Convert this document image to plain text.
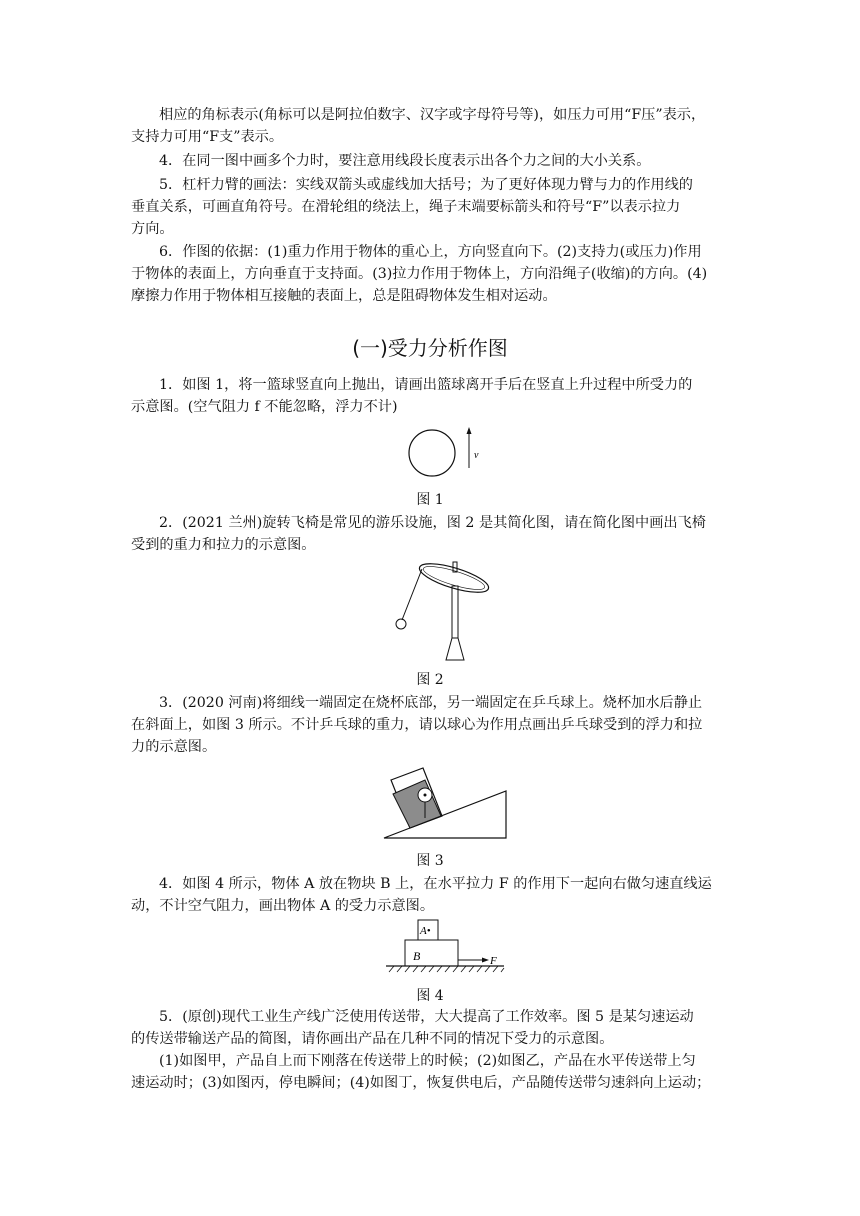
相应的角标表示(角标可以是阿拉伯数字、汉字或字母符号等)，如压力可用“F压”表示，
支持力可用“F支”表示。
4．在同一图中画多个力时，要注意用线段长度表示出各个力之间的大小关系。
5．杠杆力臂的画法：实线双箭头或虚线加大括号；为了更好体现力臂与力的作用线的
垂直关系，可画直角符号。在滑轮组的绕法上，绳子末端要标箭头和符号“F”以表示拉力
方向。
6．作图的依据：(1)重力作用于物体的重心上，方向竖直向下。(2)支持力(或压力)作用
于物体的表面上，方向垂直于支持面。(3)拉力作用于物体上，方向沿绳子(收缩)的方向。(4)
摩擦力作用于物体相互接触的表面上，总是阻碍物体发生相对运动。
(一)受力分析作图
1．如图 1，将一篮球竖直向上抛出，请画出篮球离开手后在竖直上升过程中所受力的
示意图。(空气阻力 f 不能忽略，浮力不计)
v
图 1
2．(2021 兰州)旋转飞椅是常见的游乐设施，图 2 是其简化图，请在简化图中画出飞椅
受到的重力和拉力的示意图。
图 2
3．(2020 河南)将细线一端固定在烧杯底部，另一端固定在乒乓球上。烧杯加水后静止
在斜面上，如图 3 所示。不计乒乓球的重力，请以球心为作用点画出乒乓球受到的浮力和拉
力的示意图。
图 3
4．如图 4 所示，物体 A 放在物块 B 上，在水平拉力 F 的作用下一起向右做匀速直线运
动，不计空气阻力，画出物体 A 的受力示意图。
A•
B	F
图 4
5．(原创)现代工业生产线广泛使用传送带，大大提高了工作效率。图 5 是某匀速运动
的传送带输送产品的简图，请你画出产品在几种不同的情况下受力的示意图。
(1)如图甲，产品自上而下刚落在传送带上的时候；(2)如图乙，产品在水平传送带上匀
速运动时；(3)如图丙，停电瞬间；(4)如图丁，恢复供电后，产品随传送带匀速斜向上运动；
